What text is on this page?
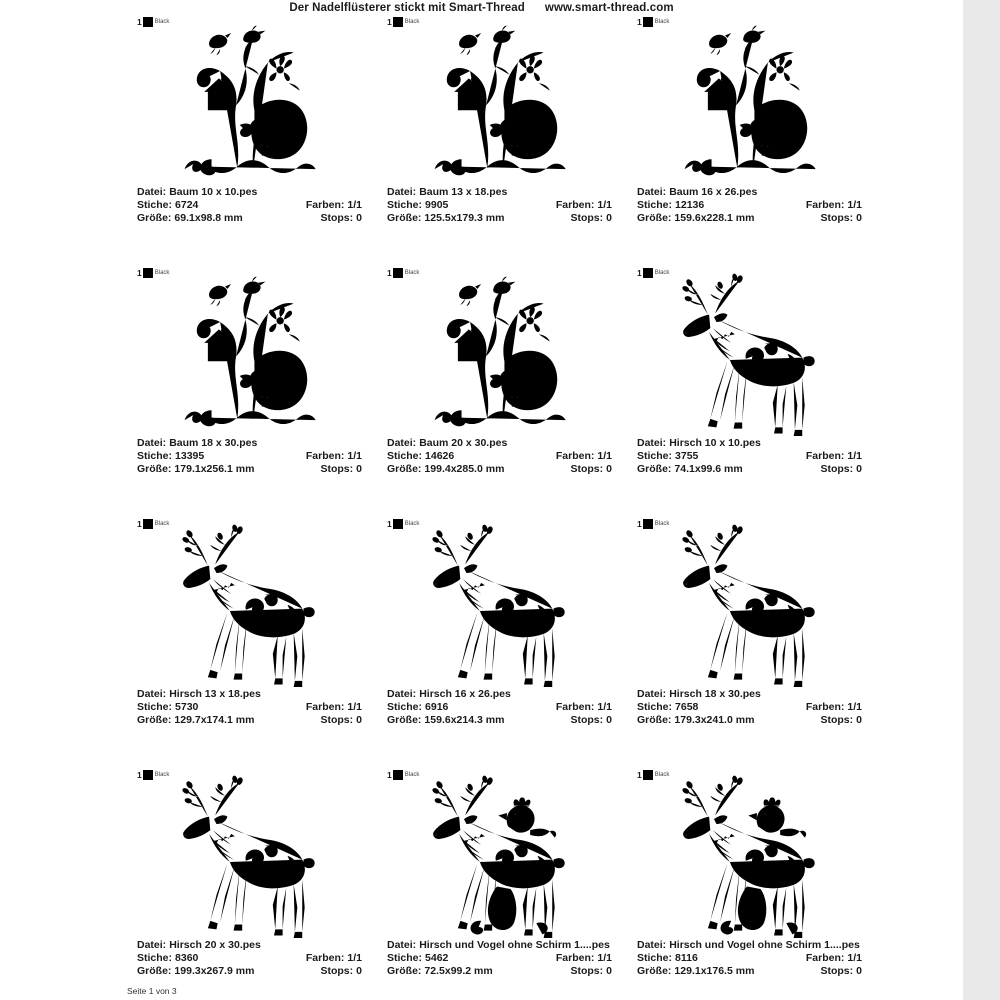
Der Nadelflüsterer stickt mit Smart-Thread www.smart-thread.com
1 Black
Datei: Baum 10 x 10.pes
Stiche: 6724	Farben: 1/1
Größe: 69.1x98.8 mm	Stops: 0
1 Black
Datei: Baum 13 x 18.pes
Stiche: 9905	Farben: 1/1
Größe: 125.5x179.3 mm	Stops: 0
1 Black
Datei: Baum 16 x 26.pes
Stiche: 12136	Farben: 1/1
Größe: 159.6x228.1 mm	Stops: 0
1 Black
Datei: Baum 18 x 30.pes
Stiche: 13395	Farben: 1/1
Größe: 179.1x256.1 mm	Stops: 0
1 Black
Datei: Baum 20 x 30.pes
Stiche: 14626	Farben: 1/1
Größe: 199.4x285.0 mm	Stops: 0
1 Black
Datei: Hirsch 10 x 10.pes
Stiche: 3755	Farben: 1/1
Größe: 74.1x99.6 mm	Stops: 0
1 Black
Datei: Hirsch 13 x 18.pes
Stiche: 5730	Farben: 1/1
Größe: 129.7x174.1 mm	Stops: 0
1 Black
Datei: Hirsch 16 x 26.pes
Stiche: 6916	Farben: 1/1
Größe: 159.6x214.3 mm	Stops: 0
1 Black
Datei: Hirsch 18 x 30.pes
Stiche: 7658	Farben: 1/1
Größe: 179.3x241.0 mm	Stops: 0
1 Black
Datei: Hirsch 20 x 30.pes
Stiche: 8360	Farben: 1/1
Größe: 199.3x267.9 mm	Stops: 0
1 Black
Datei: Hirsch und Vogel ohne Schirm 1....pes
Stiche: 5462	Farben: 1/1
Größe: 72.5x99.2 mm	Stops: 0
1 Black
Datei: Hirsch und Vogel ohne Schirm 1....pes
Stiche: 8116	Farben: 1/1
Größe: 129.1x176.5 mm	Stops: 0
Seite 1 von 3
